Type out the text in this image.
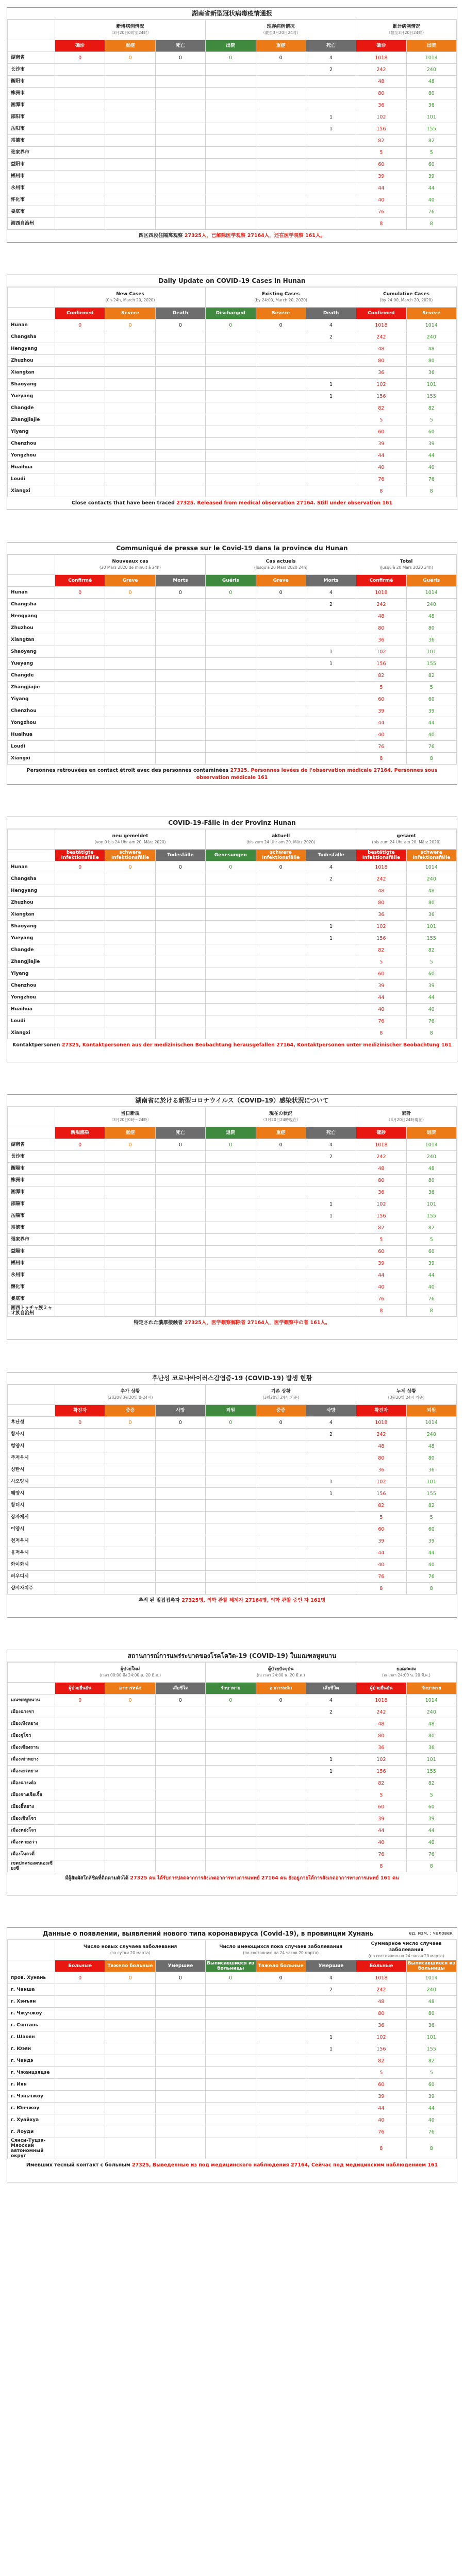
湖南省新型冠状病毒疫情通报
	新增病例情况
（3月20日0时至24时）			现存病例情况
（截至3月20日24时）			累计病例情况
（截至3月20日24时）	

	确诊	重症	死亡	出院	重症	死亡	确诊	出院
湖南省	0	0	0	0	0	4	1018	1014
长沙市						2	242	240
衡阳市							48	48
株洲市							80	80
湘潭市							36	36
邵阳市						1	102	101
岳阳市						1	156	155
常德市							82	82
张家界市							5	5
益阳市							60	60
郴州市							39	39
永州市							44	44
怀化市							40	40
娄底市							76	76
湘西自治州							8	8
四区四段住隔离观察 27325人，已解除医学观察 27164人，还在医学观察 161人。
Daily Update on COVID-19 Cases in Hunan
	New Cases
(0h-24h, March 20, 2020)			Existing Cases
(by 24:00, March 20, 2020)			Cumulative Cases
(by 24:00, March 20, 2020)	

	Confirmed	Severe	Death	Discharged	Severe	Death	Confirmed	Severe
Hunan	0	0	0	0	0	4	1018	1014
Changsha						2	242	240
Hengyang							48	48
Zhuzhou							80	80
Xiangtan							36	36
Shaoyang						1	102	101
Yueyang						1	156	155
Changde							82	82
Zhangjiajie							5	5
Yiyang							60	60
Chenzhou							39	39
Yongzhou							44	44
Huaihua							40	40
Loudi							76	76
Xiangxi							8	8
Close contacts that have been traced 27325. Released from medical observation 27164. Still under observation 161
Communiqué de presse sur le Covid-19 dans la province du Hunan
	Nouveaux cas
(20 Mars 2020 de minuit à 24h)			Cas actuels
(Jusqu'à 20 Mars 2020 24h)			Total
(Jusqu'à 20 Mars 2020 24h)	

	Confirmé	Grave	Morts	Guéris	Grave	Morts	Confirmé	Guéris
Hunan	0	0	0	0	0	4	1018	1014
Changsha						2	242	240
Hengyang							48	48
Zhuzhou							80	80
Xiangtan							36	36
Shaoyang						1	102	101
Yueyang						1	156	155
Changde							82	82
Zhangjiajie							5	5
Yiyang							60	60
Chenzhou							39	39
Yongzhou							44	44
Huaihua							40	40
Loudi							76	76
Xiangxi							8	8
Personnes retrouvées en contact étroit avec des personnes contaminées 27325. Personnes levées de l'observation médicale 27164. Personnes sous observation médicale 161
COVID-19-Fälle in der Provinz Hunan
	neu gemeldet
(von 0 bis 24 Uhr am 20. März 2020)			aktuell
(bis zum 24 Uhr am 20. März 2020)			gesamt
(bis zum 24 Uhr am 20. März 2020)	

	bestätigte Infektionsfälle	schwere Infektionsfälle	Todesfälle	Genesungen	schwere Infektionsfälle	Todesfälle	bestätigte Infektionsfälle	schwere Infektionsfälle
Hunan	0	0	0	0	0	4	1018	1014
Changsha						2	242	240
Hengyang							48	48
Zhuzhou							80	80
Xiangtan							36	36
Shaoyang						1	102	101
Yueyang						1	156	155
Changde							82	82
Zhangjiajie							5	5
Yiyang							60	60
Chenzhou							39	39
Yongzhou							44	44
Huaihua							40	40
Loudi							76	76
Xiangxi							8	8
Kontaktpersonen 27325, Kontaktpersonen aus der medizinischen Beobachtung herausgefallen 27164, Kontaktpersonen unter medizinischer Beobachtung 161
湖南省に於ける新型コロナウイルス（COVID-19）感染状況について
	当日新規
（3月20日0時〜24時）			現在の状況
（3月20日24時現在）			累計
（3月20日24時現在）	

	新規感染	重症	死亡	退院	重症	死亡	確診	退院
湖南省	0	0	0	0	0	4	1018	1014
長沙市						2	242	240
衡陽市							48	48
株洲市							80	80
湘潭市							36	36
邵陽市						1	102	101
岳陽市						1	156	155
常徳市							82	82
張家界市							5	5
益陽市							60	60
郴州市							39	39
永州市							44	44
懐化市							40	40
婁底市							76	76
湘西トゥチャ族ミャオ族自治州							8	8
特定された濃厚接触者 27325人，医学観察解除者 27164人，医学観察中の者 161人。
후난성 코로나바이러스감염증-19 (COVID-19) 발생 현황
	추가 상황
(2020년3월20일 0-24시)			기존 상황
(3월20일 24시 기준)			누계 상황
(3월20일 24시 기준)	

	확진자	중증	사망	퇴원	중증	사망	확진자	퇴원
후난성	0	0	0	0	0	4	1018	1014
창사시						2	242	240
헝양시							48	48
주저우시							80	80
샹탄시							36	36
사오양시						1	102	101
웨양시						1	156	155
창더시							82	82
장자제시							5	5
이양시							60	60
천저우시							39	39
융저우시							44	44
화이화시							40	40
러우디시							76	76
샹시자치주							8	8
추적 된 밀접접촉자 27325명, 의학 관찰 해제자 27164명, 의학 관찰 중인 자 161명
สถานการณ์การแพร่ระบาดของโรคโควิด-19 (COVID-19) ในมณฑลหูหนาน
	ผู้ป่วยใหม่
(เวลา 00:00 ถึง 24:00 น. 20 มี.ค.)			ผู้ป่วยปัจจุบัน
(ณ เวลา 24:00 น. 20 มี.ค.)			ยอดสะสม
(ณ เวลา 24:00 น. 20 มี.ค.)	

	ผู้ป่วยยืนยัน	อาการหนัก	เสียชีวิต	รักษาหาย	อาการหนัก	เสียชีวิต	ผู้ป่วยยืนยัน	รักษาหาย
มณฑลหูหนาน	0	0	0	0	0	4	1018	1014
เมืองฉางซา						2	242	240
เมืองเหิงหยาง							48	48
เมืองจูโจว							80	80
เมืองเซียงถาน							36	36
เมืองเซ่าหยาง						1	102	101
เมืองเยว่หยาง						1	156	155
เมืองฉางเต๋อ							82	82
เมืองจางเจียเจี้ย							5	5
เมืองอี้หยาง							60	60
เมืองเชินโจว							39	39
เมืองหย่งโจว							44	44
เมืองหวยฮว่า							40	40
เมืองโหลวตี่							76	76
เขตปกครองตนเองเซียงซี							8	8
มีผู้สัมผัสใกล้ชิดที่ติดตามตัวได้ 27325 คน ได้รับการปลดจากการสังเกตอาการทางการแพทย์ 27164 คน ยังอยู่ภายใต้การสังเกตอาการทางการแพทย์ 161 คน
Данные о появлении, выявлений нового типа коронавируса (Covid-19), в провинции Хунань	ед. изм. : человек
	Число новых случаев заболевания
(за сутки 20 марта)			Число имеющихся пока случаев заболевания
(по состоянию на 24 часов 20 марта)			Суммарное число случаев заболевания
(по состоянию на 24 часов 20 марта)	

	Больные	Тяжело больные	Умершие	Выписавшиеся из больницы	Тяжело больные	Умершие	Больные	Выписавшиеся из больницы
пров. Хунань	0	0	0	0	0	4	1018	1014
г. Чанша						2	242	240
г. Хэнъян							48	48
г. Чжучжоу							80	80
г. Сянтань							36	36
г. Шаоян						1	102	101
г. Юэян						1	156	155
г. Чандэ							82	82
г. Чжанцзяцзе							5	5
г. Иян							60	60
г. Чэньчжоу							39	39
г. Юнчжоу							44	44
г. Хуайхуа							40	40
г. Лоуди							76	76
Сянси-Туцзя-Мяоский автономный округ							8	8
Имевших тесный контакт с больным 27325, Выведенные из под медицинского наблюдения 27164, Сейчас под медицинским наблюдением 161
